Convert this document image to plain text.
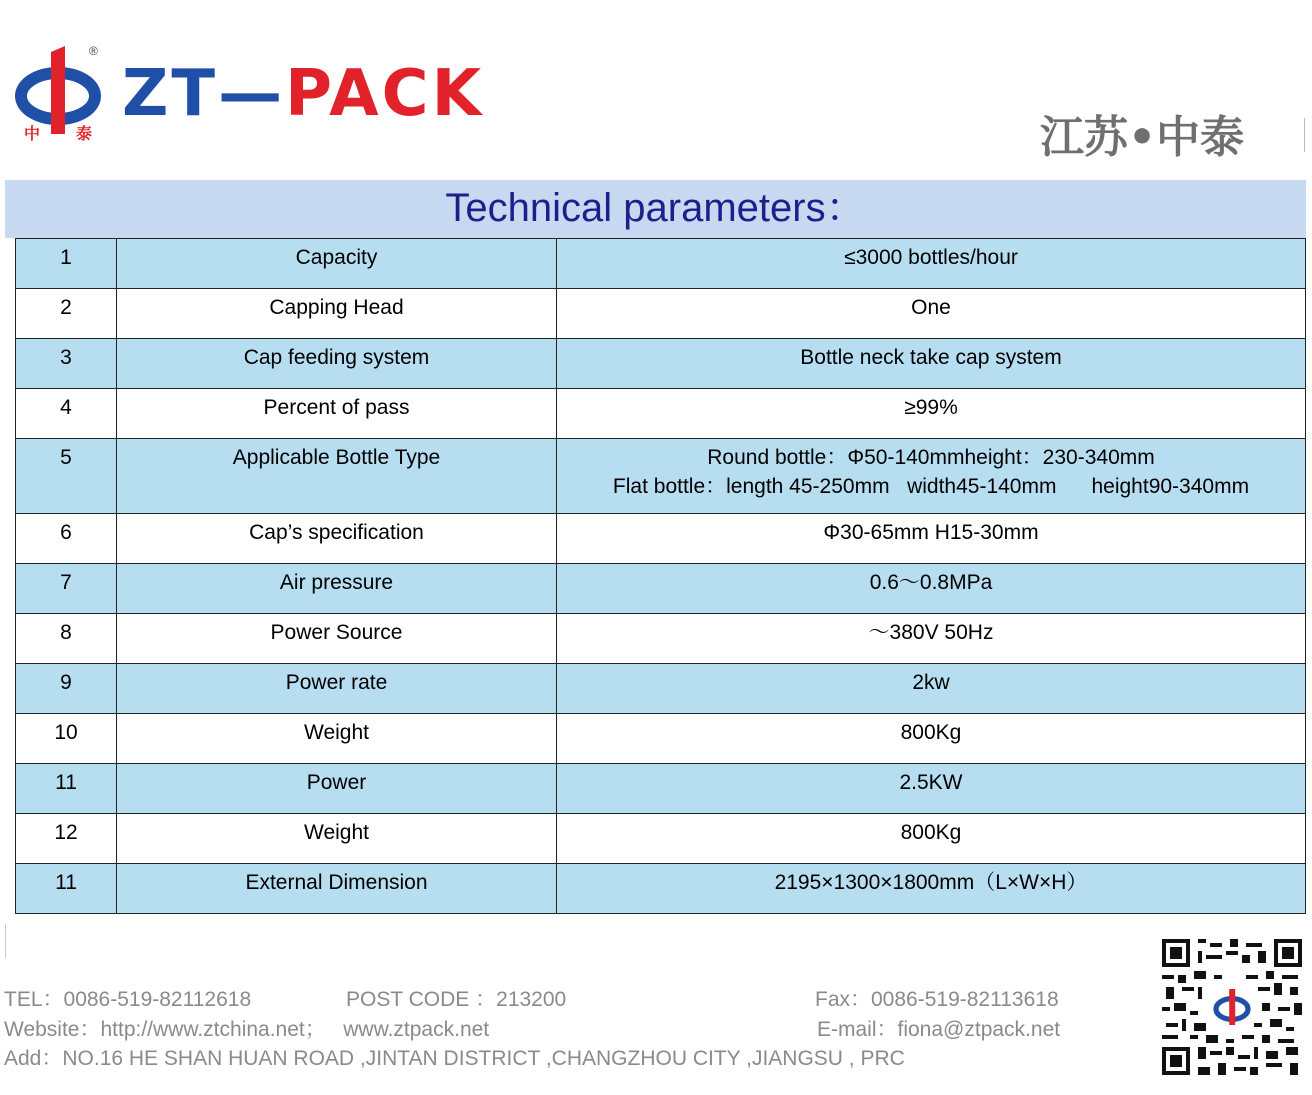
中 泰
®
ZT—PACK
江苏•中泰
Technical parameters：
1	Capacity	≤3000 bottles/hour
2	Capping Head	One
3	Cap feeding system	Bottle neck take cap system
4	Percent of pass	≥99%
5	Applicable Bottle Type	Round bottle：Φ50-140mmheight：230-340mm
Flat bottle：length 45-250mm   width45-140mm      height90-340mm

6	Cap’s specification	Φ30-65mm H15-30mm
7	Air pressure	0.6～0.8MPa
8	Power Source	～380V 50Hz
9	Power rate	2kw
10	Weight	800Kg
11	Power	2.5KW
12	Weight	800Kg
11	External Dimension	2195×1300×1800mm（L×W×H）
TEL：0086-519-82112618	POST CODE ：213200	Fax：0086-519-82113618
Website：http://www.ztchina.net；   www.ztpack.net	E-mail：fiona@ztpack.net
Add：NO.16 HE SHAN HUAN ROAD ,JINTAN DISTRICT ,CHANGZHOU CITY ,JIANGSU , PRC
